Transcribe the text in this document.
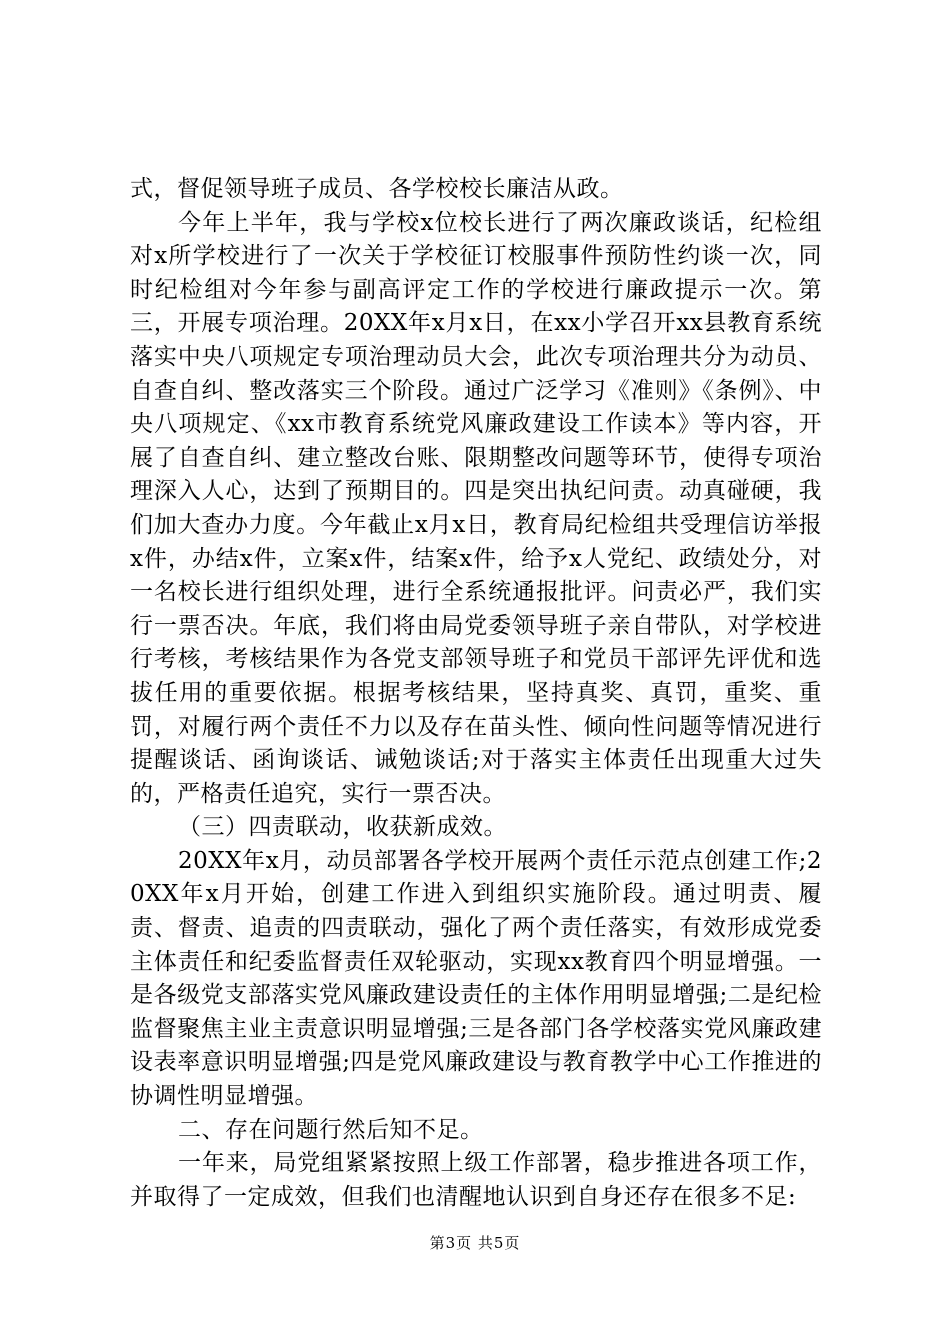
式，督促领导班子成员、各学校校长廉洁从政。

今年上半年，我与学校x位校长进行了两次廉政谈话，纪检组对x所学校进行了一次关于学校征订校服事件预防性约谈一次，同时纪检组对今年参与副高评定工作的学校进行廉政提示一次。第三，开展专项治理。20XX年x月x日，在xx小学召开xx县教育系统落实中央八项规定专项治理动员大会，此次专项治理共分为动员、自查自纠、整改落实三个阶段。通过广泛学习《准则》《条例》、中央八项规定、《xx市教育系统党风廉政建设工作读本》等内容，开展了自查自纠、建立整改台账、限期整改问题等环节，使得专项治理深入人心，达到了预期目的。四是突出执纪问责。动真碰硬，我们加大查办力度。今年截止x月x日，教育局纪检组共受理信访举报x件，办结x件，立案x件，结案x件，给予x人党纪、政绩处分，对一名校长进行组织处理，进行全系统通报批评。问责必严，我们实行一票否决。年底，我们将由局党委领导班子亲自带队，对学校进行考核，考核结果作为各党支部领导班子和党员干部评先评优和选拔任用的重要依据。根据考核结果，坚持真奖、真罚，重奖、重罚，对履行两个责任不力以及存在苗头性、倾向性问题等情况进行提醒谈话、函询谈话、诫勉谈话;对于落实主体责任出现重大过失的，严格责任追究，实行一票否决。

（三）四责联动，收获新成效。

20XX年x月，动员部署各学校开展两个责任示范点创建工作;20XX年x月开始，创建工作进入到组织实施阶段。通过明责、履责、督责、追责的四责联动，强化了两个责任落实，有效形成党委主体责任和纪委监督责任双轮驱动，实现xx教育四个明显增强。一是各级党支部落实党风廉政建设责任的主体作用明显增强;二是纪检监督聚焦主业主责意识明显增强;三是各部门各学校落实党风廉政建设表率意识明显增强;四是党风廉政建设与教育教学中心工作推进的协调性明显增强。

二、存在问题行然后知不足。

一年来，局党组紧紧按照上级工作部署，稳步推进各项工作，并取得了一定成效，但我们也清醒地认识到自身还存在很多不足:

第3页 共5页
